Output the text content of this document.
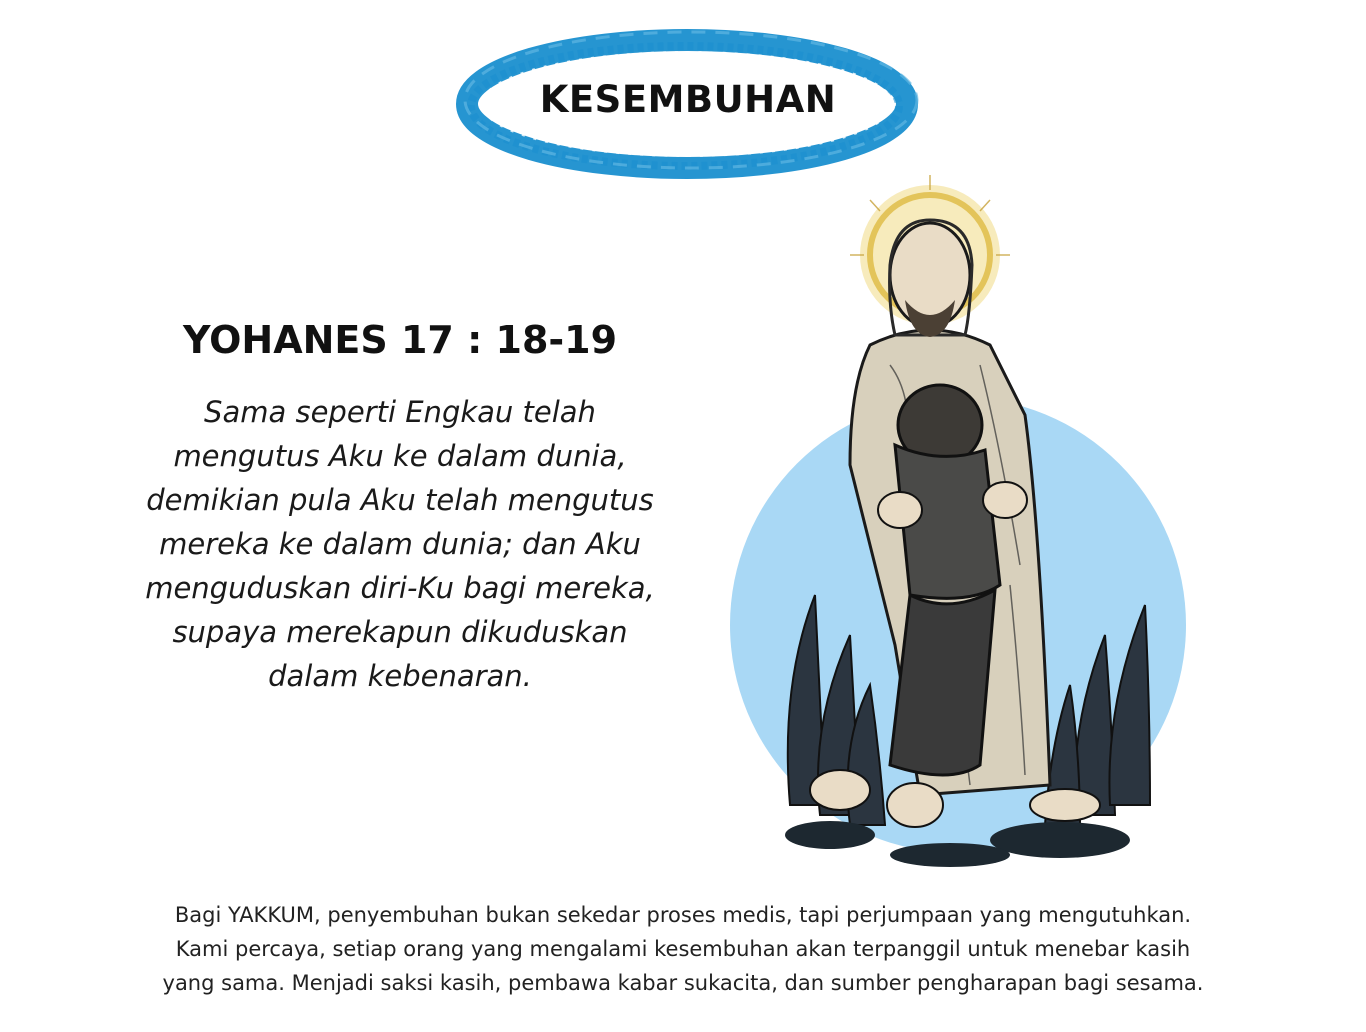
KESEMBUHAN
YOHANES 17 : 18-19
Sama seperti Engkau telah mengutus Aku ke dalam dunia, demikian pula Aku telah mengutus mereka ke dalam dunia; dan Aku menguduskan diri-Ku bagi mereka, supaya merekapun dikuduskan dalam kebenaran.
Bagi YAKKUM, penyembuhan bukan sekedar proses medis, tapi perjumpaan yang mengutuhkan. Kami percaya, setiap orang yang mengalami kesembuhan akan terpanggil untuk menebar kasih yang sama. Menjadi saksi kasih, pembawa kabar sukacita, dan sumber pengharapan bagi sesama.
